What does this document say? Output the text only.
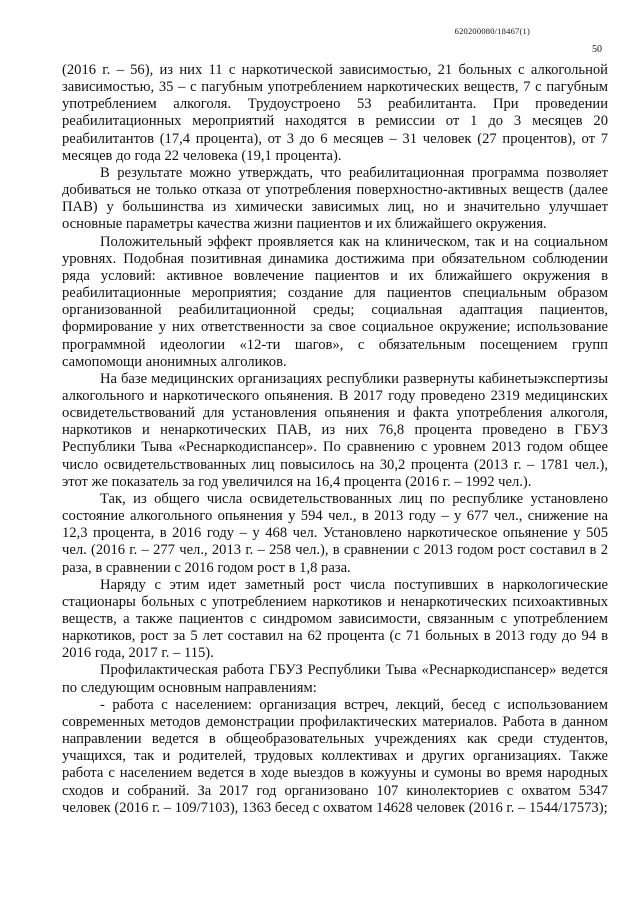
620200080/18467(1)
50

(2016 г. – 56), из них 11 с наркотической зависимостью, 21 больных с алкогольной зависимостью, 35 – с пагубным употреблением наркотических веществ, 7 с пагубным употреблением алкоголя. Трудоустроено 53 реабилитанта. При проведении реабилитационных мероприятий находятся в ремиссии от 1 до 3 месяцев 20 реабилитантов (17,4 процента), от 3 до 6 месяцев – 31 человек (27 процентов), от 7 месяцев до года 22 человека (19,1 процента).

В результате можно утверждать, что реабилитационная программа позволяет добиваться не только отказа от употребления поверхностно-активных веществ (далее ПАВ) у большинства из химически зависимых лиц, но и значительно улучшает основные параметры качества жизни пациентов и их ближайшего окружения.

Положительный эффект проявляется как на клиническом, так и на социальном уровнях. Подобная позитивная динамика достижима при обязательном соблюдении ряда условий: активное вовлечение пациентов и их ближайшего окружения в реабилитационные мероприятия; создание для пациентов специальным образом организованной реабилитационной среды; социальная адаптация пациентов, формирование у них ответственности за свое социальное окружение; использование программной идеологии «12-ти шагов», с обязательным посещением групп самопомощи анонимных алголиков.

На базе медицинских организациях республики развернуты кабинетыэкспертизы алкогольного и наркотического опьянения. В 2017 году проведено 2319 медицинских освидетельствований для установления опьянения и факта употребления алкоголя, наркотиков и ненаркотических ПАВ, из них 76,8 процента проведено в ГБУЗ Республики Тыва «Реснаркодиспансер». По сравнению с уровнем 2013 годом общее число освидетельствованных лиц повысилось на 30,2 процента (2013 г. – 1781 чел.), этот же показатель за год увеличился на 16,4 процента (2016 г. – 1992 чел.).

Так, из общего числа освидетельствованных лиц по республике установлено состояние алкогольного опьянения у 594 чел., в 2013 году – у 677 чел., снижение на 12,3 процента, в 2016 году – у 468 чел. Установлено наркотическое опьянение у 505 чел. (2016 г. – 277 чел., 2013 г. – 258 чел.), в сравнении с 2013 годом рост составил в 2 раза, в сравнении с 2016 годом рост в 1,8 раза.

Наряду с этим идет заметный рост числа поступивших в наркологические стационары больных с употреблением наркотиков и ненаркотических психоактивных веществ, а также пациентов с синдромом зависимости, связанным с употреблением наркотиков, рост за 5 лет составил на 62 процента (с 71 больных в 2013 году до 94 в 2016 года, 2017 г. – 115).

Профилактическая работа ГБУЗ Республики Тыва «Реснаркодиспансер» ведется по следующим основным направлениям:

- работа с населением: организация встреч, лекций, бесед с использованием современных методов демонстрации профилактических материалов. Работа в данном направлении ведется в общеобразовательных учреждениях как среди студентов, учащихся, так и родителей, трудовых коллективах и других организациях. Также работа с населением ведется в ходе выездов в кожууны и сумоны во время народных сходов и собраний. За 2017 год организовано 107 кинолекториев с охватом 5347 человек (2016 г. – 109/7103), 1363 бесед с охватом 14628 человек (2016 г. – 1544/17573);
